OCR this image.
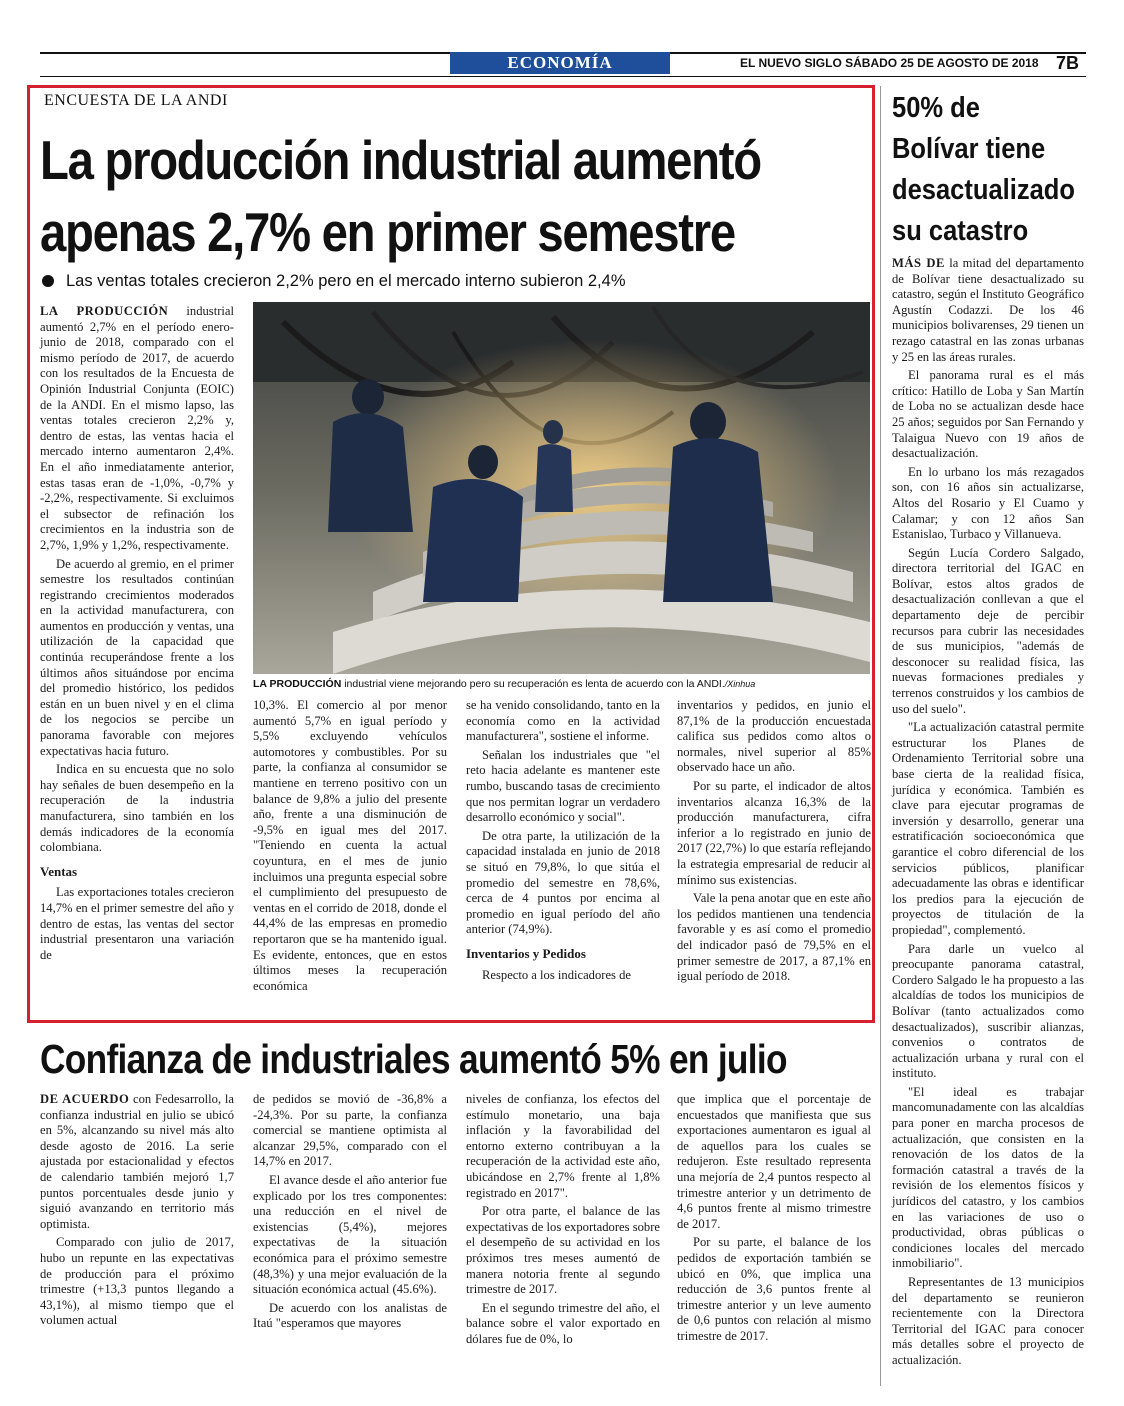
ECONOMÍA	EL NUEVO SIGLO SÁBADO 25 DE AGOSTO DE 2018 7B
ENCUESTA DE LA ANDI
La producción industrial aumentó
apenas 2,7% en primer semestre
Las ventas totales crecieron 2,2% pero en el mercado interno subieron 2,4%

LA PRODUCCIÓN industrial aumentó 2,7% en el período enero-junio de 2018, comparado con el mismo período de 2017, de acuerdo con los resultados de la Encuesta de Opinión Industrial Conjunta (EOIC) de la ANDI. En el mismo lapso, las ventas totales crecieron 2,2% y, dentro de estas, las ventas hacia el mercado interno aumentaron 2,4%. En el año inmediatamente anterior, estas tasas eran de -1,0%, -0,7% y -2,2%, respectivamente. Si excluimos el subsector de refinación los crecimientos en la industria son de 2,7%, 1,9% y 1,2%, respectivamente.

De acuerdo al gremio, en el primer semestre los resultados continúan registrando crecimientos moderados en la actividad manufacturera, con aumentos en producción y ventas, una utilización de la capacidad que continúa recuperándose frente a los últimos años situándose por encima del promedio histórico, los pedidos están en un buen nivel y en el clima de los negocios se percibe un panorama favorable con mejores expectativas hacia futuro.

Indica en su encuesta que no solo hay señales de buen desempeño en la recuperación de la industria manufacturera, sino también en los demás indicadores de la economía colombiana.

Ventas

Las exportaciones totales crecieron 14,7% en el primer semestre del año y dentro de estas, las ventas del sector industrial presentaron una variación de

LA PRODUCCIÓN industrial viene mejorando pero su recuperación es lenta de acuerdo con la ANDI./Xinhua

10,3%. El comercio al por menor aumentó 5,7% en igual período y 5,5% excluyendo vehículos automotores y combustibles. Por su parte, la confianza al consumidor se mantiene en terreno positivo con un balance de 9,8% a julio del presente año, frente a una disminución de -9,5% en igual mes del 2017. "Teniendo en cuenta la actual coyuntura, en el mes de junio incluimos una pregunta especial sobre el cumplimiento del presupuesto de ventas en el corrido de 2018, donde el 44,4% de las empresas en promedio reportaron que se ha mantenido igual. Es evidente, entonces, que en estos últimos meses la recuperación económica

se ha venido consolidando, tanto en la economía como en la actividad manufacturera", sostiene el informe.

Señalan los industriales que "el reto hacia adelante es mantener este rumbo, buscando tasas de crecimiento que nos permitan lograr un verdadero desarrollo económico y social".

De otra parte, la utilización de la capacidad instalada en junio de 2018 se situó en 79,8%, lo que sitúa el promedio del semestre en 78,6%, cerca de 4 puntos por encima al promedio en igual período del año anterior (74,9%).

Inventarios y Pedidos

Respecto a los indicadores de

inventarios y pedidos, en junio el 87,1% de la producción encuestada califica sus pedidos como altos o normales, nivel superior al 85% observado hace un año.

Por su parte, el indicador de altos inventarios alcanza 16,3% de la producción manufacturera, cifra inferior a lo registrado en junio de 2017 (22,7%) lo que estaría reflejando la estrategia empresarial de reducir al mínimo sus existencias.

Vale la pena anotar que en este año los pedidos mantienen una tendencia favorable y es así como el promedio del indicador pasó de 79,5% en el primer semestre de 2017, a 87,1% en igual período de 2018.

50% de Bolívar tiene desactualizado su catastro

MÁS DE la mitad del departamento de Bolívar tiene desactualizado su catastro, según el Instituto Geográfico Agustín Codazzi. De los 46 municipios bolivarenses, 29 tienen un rezago catastral en las zonas urbanas y 25 en las áreas rurales.

El panorama rural es el más crítico: Hatillo de Loba y San Martín de Loba no se actualizan desde hace 25 años; seguidos por San Fernando y Talaigua Nuevo con 19 años de desactualización.

En lo urbano los más rezagados son, con 16 años sin actualizarse, Altos del Rosario y El Cuamo y Calamar; y con 12 años San Estanislao, Turbaco y Villanueva.

Según Lucía Cordero Salgado, directora territorial del IGAC en Bolívar, estos altos grados de desactualización conllevan a que el departamento deje de percibir recursos para cubrir las necesidades de sus municipios, "además de desconocer su realidad física, las nuevas formaciones prediales y terrenos construidos y los cambios de uso del suelo".

"La actualización catastral permite estructurar los Planes de Ordenamiento Territorial sobre una base cierta de la realidad física, jurídica y económica. También es clave para ejecutar programas de inversión y desarrollo, generar una estratificación socioeconómica que garantice el cobro diferencial de los servicios públicos, planificar adecuadamente las obras e identificar los predios para la ejecución de proyectos de titulación de la propiedad", complementó.

Para darle un vuelco al preocupante panorama catastral, Cordero Salgado le ha propuesto a las alcaldías de todos los municipios de Bolívar (tanto actualizados como desactualizados), suscribir alianzas, convenios o contratos de actualización urbana y rural con el instituto.

"El ideal es trabajar mancomunadamente con las alcaldías para poner en marcha procesos de actualización, que consisten en la renovación de los datos de la formación catastral a través de la revisión de los elementos físicos y jurídicos del catastro, y los cambios en las variaciones de uso o productividad, obras públicas o condiciones locales del mercado inmobiliario".

Representantes de 13 municipios del departamento se reunieron recientemente con la Directora Territorial del IGAC para conocer más detalles sobre el proyecto de actualización.

Confianza de industriales aumentó 5% en julio

DE ACUERDO con Fedesarrollo, la confianza industrial en julio se ubicó en 5%, alcanzando su nivel más alto desde agosto de 2016. La serie ajustada por estacionalidad y efectos de calendario también mejoró 1,7 puntos porcentuales desde junio y siguió avanzando en territorio más optimista.

Comparado con julio de 2017, hubo un repunte en las expectativas de producción para el próximo trimestre (+13,3 puntos llegando a 43,1%), al mismo tiempo que el volumen actual

de pedidos se movió de -36,8% a -24,3%. Por su parte, la confianza comercial se mantiene optimista al alcanzar 29,5%, comparado con el 14,7% en 2017.

El avance desde el año anterior fue explicado por los tres componentes: una reducción en el nivel de existencias (5,4%), mejores expectativas de la situación económica para el próximo semestre (48,3%) y una mejor evaluación de la situación económica actual (45.6%).

De acuerdo con los analistas de Itaú "esperamos que mayores

niveles de confianza, los efectos del estímulo monetario, una baja inflación y la favorabilidad del entorno externo contribuyan a la recuperación de la actividad este año, ubicándose en 2,7% frente al 1,8% registrado en 2017".

Por otra parte, el balance de las expectativas de los exportadores sobre el desempeño de su actividad en los próximos tres meses aumentó de manera notoria frente al segundo trimestre de 2017.

En el segundo trimestre del año, el balance sobre el valor exportado en dólares fue de 0%, lo

que implica que el porcentaje de encuestados que manifiesta que sus exportaciones aumentaron es igual al de aquellos para los cuales se redujeron. Este resultado representa una mejoría de 2,4 puntos respecto al trimestre anterior y un detrimento de 4,6 puntos frente al mismo trimestre de 2017.

Por su parte, el balance de los pedidos de exportación también se ubicó en 0%, que implica una reducción de 3,6 puntos frente al trimestre anterior y un leve aumento de 0,6 puntos con relación al mismo trimestre de 2017.
